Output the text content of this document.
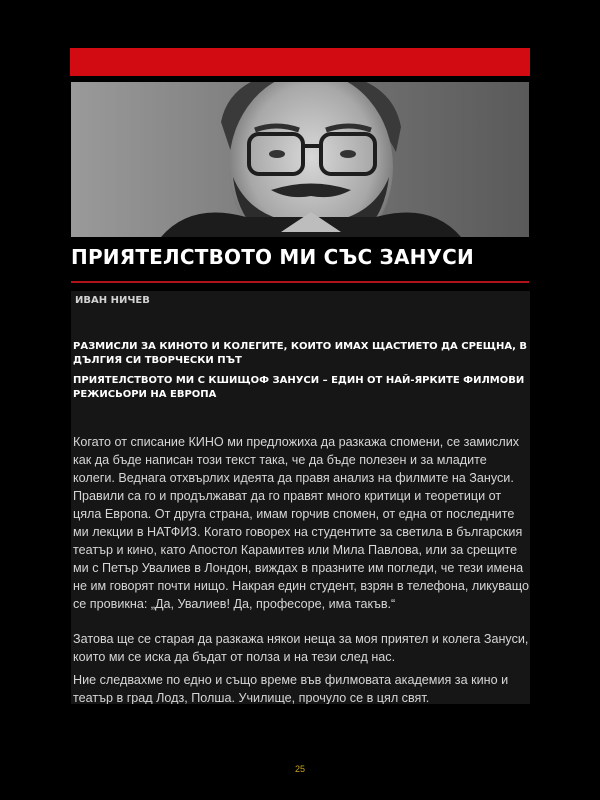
ПРИЯТЕЛСТВОТО МИ СЪС ЗАНУСИ

ИВАН НИЧЕВ

РАЗМИСЛИ ЗА КИНОТО И КОЛЕГИТЕ, КОИТО ИМАХ ЩАСТИЕТО ДА СРЕЩНА, В ДЪЛГИЯ СИ ТВОРЧЕСКИ ПЪТ

ПРИЯТЕЛСТВОТО МИ С КШИЩОФ ЗАНУСИ – ЕДИН ОТ НАЙ-ЯРКИТЕ ФИЛМОВИ РЕЖИСЬОРИ НА ЕВРОПА

Когато от списание КИНО ми предложиха да разкажа спомени, се замислих как да бъде написан този текст така, че да бъде полезен и за младите колеги. Веднага отхвърлих идеята да правя анализ на филмите на Зануси. Правили са го и продължават да го правят много критици и теоретици от цяла Европа. От друга страна, имам горчив спомен, от една от последните ми лекции в НАТФИЗ. Когато говорех на студентите за светила в българския театър и кино, като Апостол Карамитев или Мила Павлова, или за срещите ми с Петър Увалиев в Лондон, виждах в празните им погледи, че тези имена не им говорят почти нищо. Накрая един студент, взрян в телефона, ликуващо се провикна: „Да, Увалиев! Да, професоре, има такъв.“

Затова ще се старая да разкажа някои неща за моя приятел и колега Зануси, които ми се иска да бъдат от полза и на тези след нас.

Ние следвахме по едно и също време във филмовата академия за кино и театър в град Лодз, Полша. Училище, прочуло се в цял свят.

25
